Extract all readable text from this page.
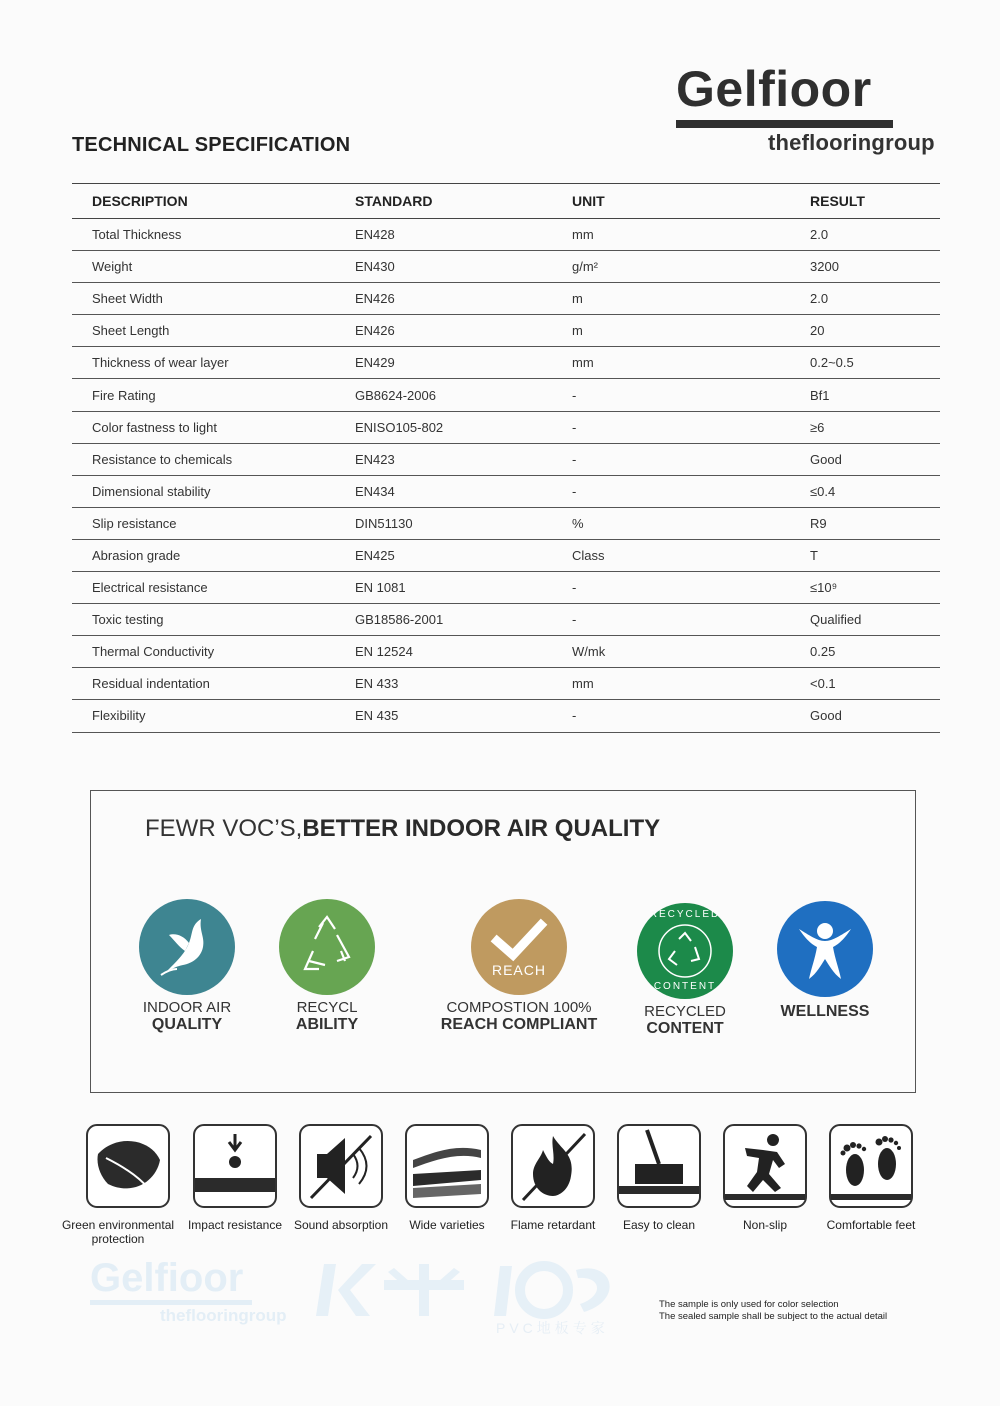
TECHNICAL SPECIFICATION
Gelfioor
theflooringroup
DESCRIPTION	STANDARD	UNIT	RESULT
Total Thickness	EN428	mm	2.0
Weight	EN430	g/m²	3200
Sheet Width	EN426	m	2.0
Sheet Length	EN426	m	20
Thickness of wear layer	EN429	mm	0.2~0.5
Fire Rating	GB8624-2006	-	Bf1
Color fastness to light	ENISO105-802	-	≥6
Resistance to chemicals	EN423	-	Good
Dimensional stability	EN434	-	≤0.4
Slip resistance	DIN51130	%	R9
Abrasion grade	EN425	Class	T
Electrical resistance	EN 1081	-	≤10⁹
Toxic testing	GB18586-2001	-	Qualified
Thermal Conductivity	EN 12524	W/mk	0.25
Residual indentation	EN 433	mm	<0.1
Flexibility	EN 435	-	Good
FEWR VOC’S,BETTER INDOOR AIR QUALITY
INDOOR AIR
QUALITY
RECYCL
ABILITY
REACH
COMPOSTION 100%
REACH COMPLIANT
RECYCLED
CONTENT
RECYCLED
CONTENT
WELLNESS
Green environmental
protection
Impact resistance Sound absorption	Wide varieties	Flame retardant	Easy to clean	Non-slip	Comfortable feet
Gelfioor
theflooringroup
PVC地板专家
The sample is only used for color selection
The sealed sample shall be subject to the actual detail
